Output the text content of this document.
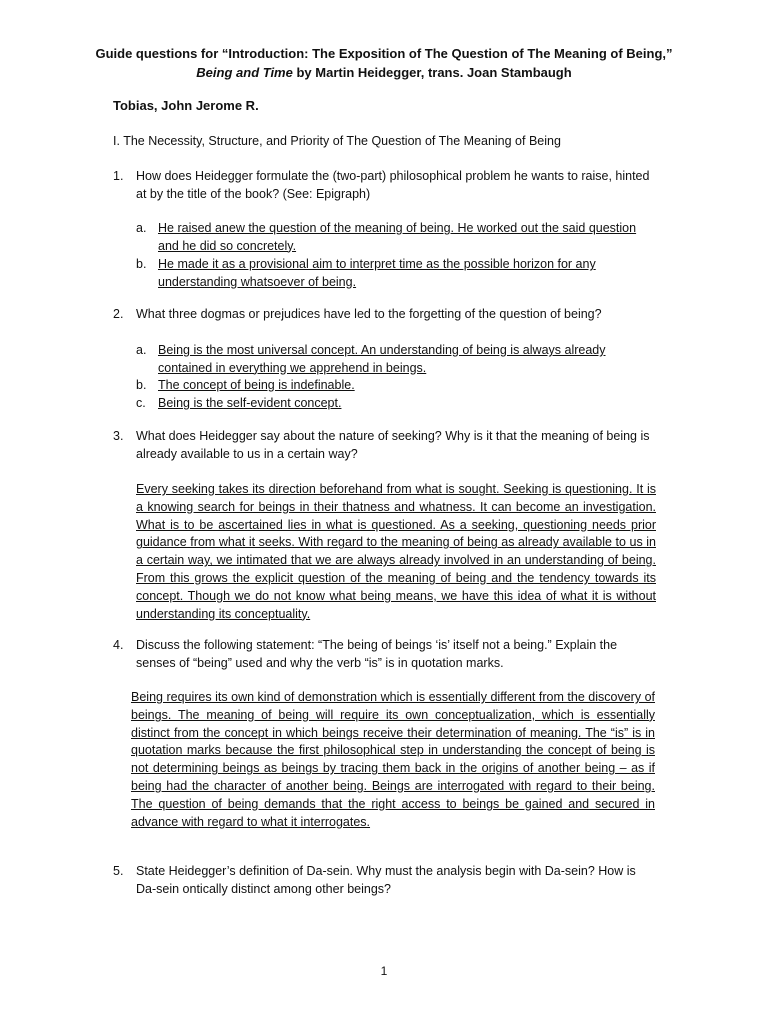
Guide questions for “Introduction: The Exposition of The Question of The Meaning of Being,”
Being and Time by Martin Heidegger, trans. Joan Stambaugh
Tobias, John Jerome R.
I. The Necessity, Structure, and Priority of The Question of The Meaning of Being
1. How does Heidegger formulate the (two-part) philosophical problem he wants to raise, hinted at by the title of the book? (See: Epigraph)
a. He raised anew the question of the meaning of being. He worked out the said question and he did so concretely.
b. He made it as a provisional aim to interpret time as the possible horizon for any understanding whatsoever of being.
2. What three dogmas or prejudices have led to the forgetting of the question of being?
a. Being is the most universal concept. An understanding of being is always already contained in everything we apprehend in beings.
b. The concept of being is indefinable.
c. Being is the self-evident concept.
3. What does Heidegger say about the nature of seeking? Why is it that the meaning of being is already available to us in a certain way?
Every seeking takes its direction beforehand from what is sought. Seeking is questioning. It is a knowing search for beings in their thatness and whatness. It can become an investigation. What is to be ascertained lies in what is questioned. As a seeking, questioning needs prior guidance from what it seeks. With regard to the meaning of being as already available to us in a certain way, we intimated that we are always already involved in an understanding of being. From this grows the explicit question of the meaning of being and the tendency towards its concept. Though we do not know what being means, we have this idea of what it is without understanding its conceptuality.
4. Discuss the following statement: “The being of beings ‘is’ itself not a being.” Explain the senses of “being” used and why the verb “is” is in quotation marks.
Being requires its own kind of demonstration which is essentially different from the discovery of beings. The meaning of being will require its own conceptualization, which is essentially distinct from the concept in which beings receive their determination of meaning. The “is” is in quotation marks because the first philosophical step in understanding the concept of being is not determining beings as beings by tracing them back in the origins of another being – as if being had the character of another being. Beings are interrogated with regard to their being. The question of being demands that the right access to beings be gained and secured in advance with regard to what it interrogates.
5. State Heidegger’s definition of Da-sein. Why must the analysis begin with Da-sein? How is Da-sein ontically distinct among other beings?
1
